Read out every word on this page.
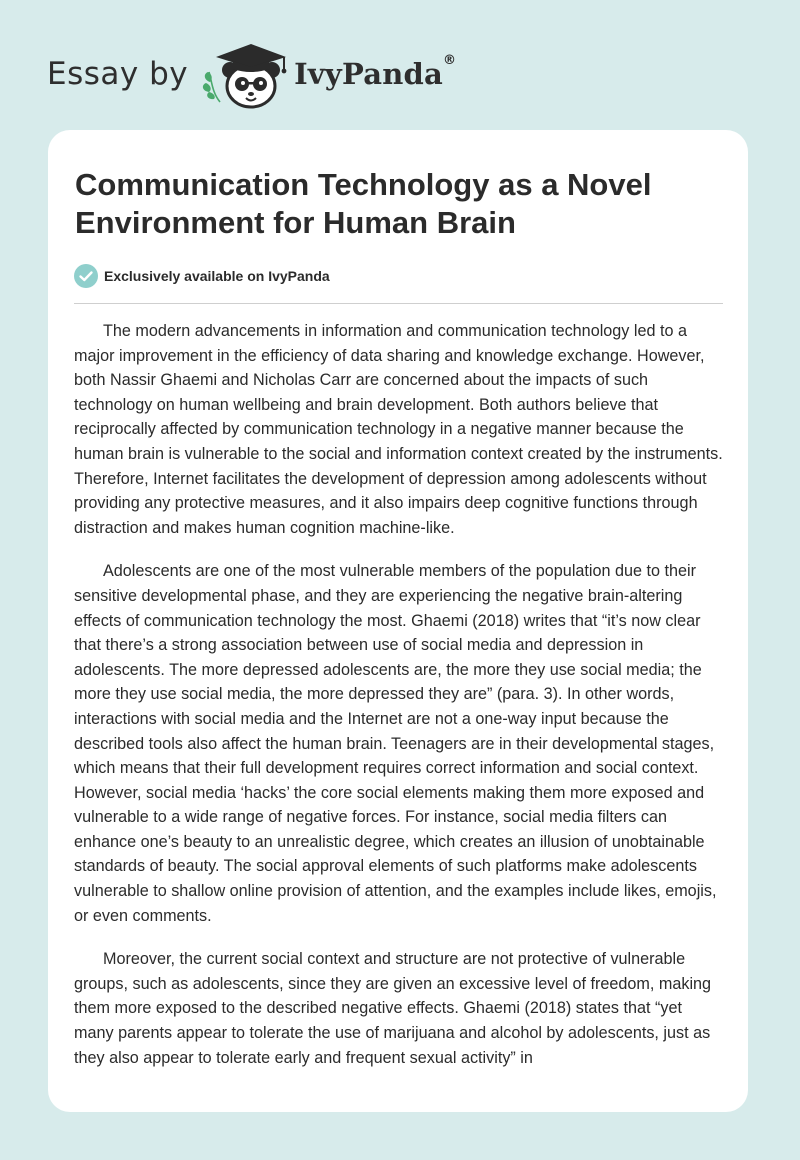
Essay by	IvyPanda®
Communication Technology as a Novel Environment for Human Brain
Exclusively available on IvyPanda

The modern advancements in information and communication technology led to a major improvement in the efficiency of data sharing and knowledge exchange. However, both Nassir Ghaemi and Nicholas Carr are concerned about the impacts of such technology on human wellbeing and brain development. Both authors believe that reciprocally affected by communication technology in a negative manner because the human brain is vulnerable to the social and information context created by the instruments. Therefore, Internet facilitates the development of depression among adolescents without providing any protective measures, and it also impairs deep cognitive functions through distraction and makes human cognition machine-like.

Adolescents are one of the most vulnerable members of the population due to their sensitive developmental phase, and they are experiencing the negative brain-altering effects of communication technology the most. Ghaemi (2018) writes that “it’s now clear that there’s a strong association between use of social media and depression in adolescents. The more depressed adolescents are, the more they use social media; the more they use social media, the more depressed they are” (para. 3). In other words, interactions with social media and the Internet are not a one-way input because the described tools also affect the human brain. Teenagers are in their developmental stages, which means that their full development requires correct information and social context. However, social media ‘hacks’ the core social elements making them more exposed and vulnerable to a wide range of negative forces. For instance, social media filters can enhance one’s beauty to an unrealistic degree, which creates an illusion of unobtainable standards of beauty. The social approval elements of such platforms make adolescents vulnerable to shallow online provision of attention, and the examples include likes, emojis, or even comments.

Moreover, the current social context and structure are not protective of vulnerable groups, such as adolescents, since they are given an excessive level of freedom, making them more exposed to the described negative effects. Ghaemi (2018) states that “yet many parents appear to tolerate the use of marijuana and alcohol by adolescents, just as they also appear to tolerate early and frequent sexual activity” in
